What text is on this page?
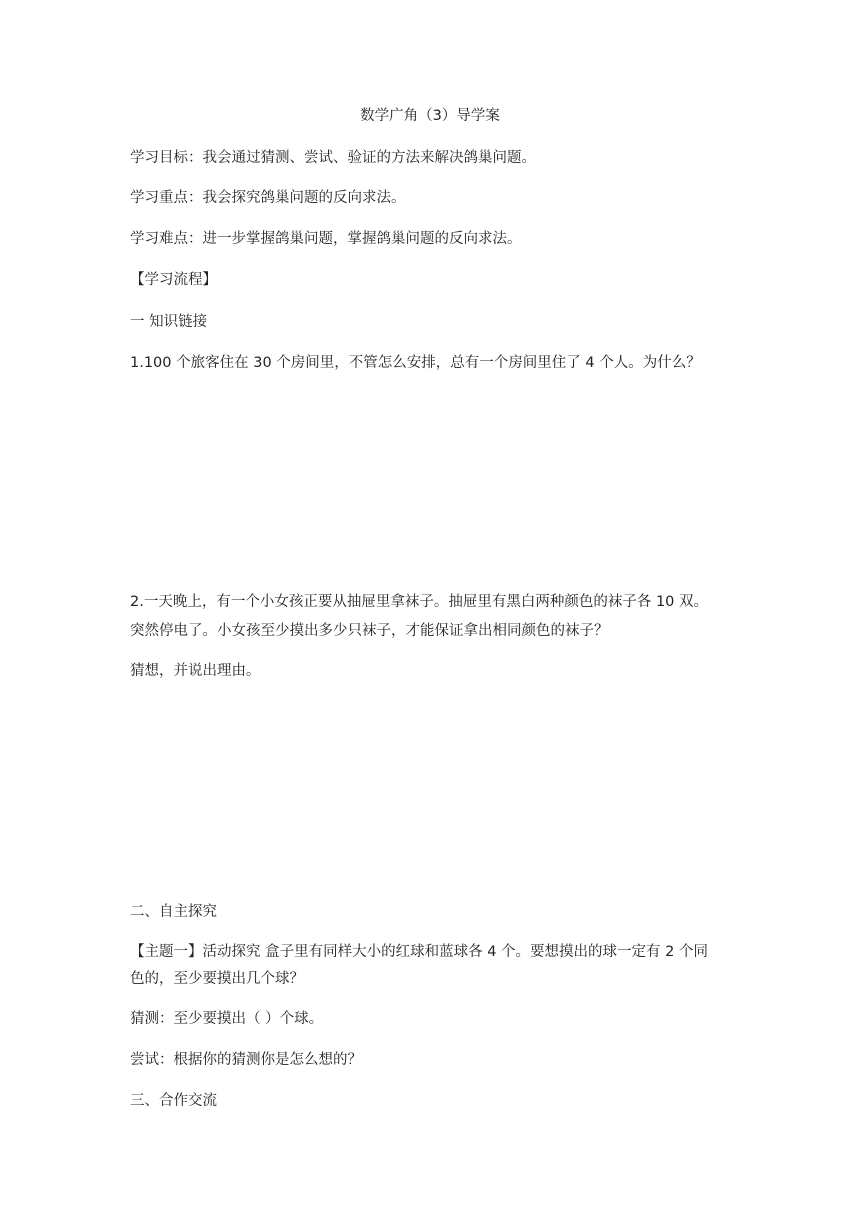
数学广角（3）导学案
学习目标：我会通过猜测、尝试、验证的方法来解决鸽巢问题。
学习重点：我会探究鸽巢问题的反向求法。
学习难点：进一步掌握鸽巢问题，掌握鸽巢问题的反向求法。
【学习流程】
一 知识链接
1.100 个旅客住在 30 个房间里，不管怎么安排，总有一个房间里住了 4 个人。为什么？
2.一天晚上，有一个小女孩正要从抽屉里拿袜子。抽屉里有黑白两种颜色的袜子各 10 双。
突然停电了。小女孩至少摸出多少只袜子，才能保证拿出相同颜色的袜子？
猜想，并说出理由。
二、自主探究
【主题一】活动探究 盒子里有同样大小的红球和蓝球各 4 个。要想摸出的球一定有 2 个同
色的，至少要摸出几个球？
猜测：至少要摸出（ ）个球。
尝试：根据你的猜测你是怎么想的？
三、合作交流
